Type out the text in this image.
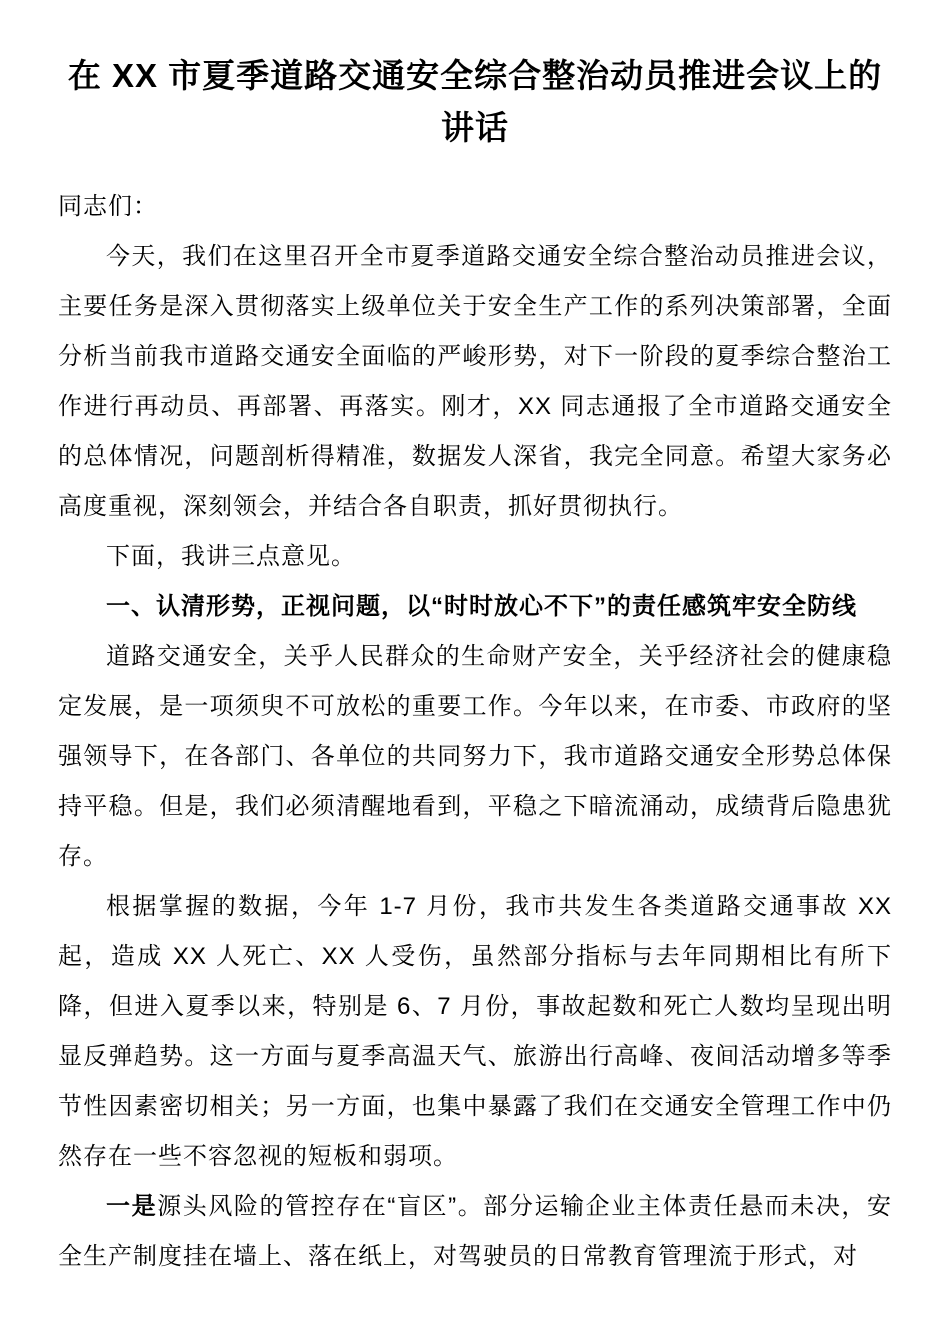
在 XX 市夏季道路交通安全综合整治动员推进会议上的讲话

同志们：

今天，我们在这里召开全市夏季道路交通安全综合整治动员推进会议，主要任务是深入贯彻落实上级单位关于安全生产工作的系列决策部署，全面分析当前我市道路交通安全面临的严峻形势，对下一阶段的夏季综合整治工作进行再动员、再部署、再落实。刚才，XX 同志通报了全市道路交通安全的总体情况，问题剖析得精准，数据发人深省，我完全同意。希望大家务必高度重视，深刻领会，并结合各自职责，抓好贯彻执行。

下面，我讲三点意见。

一、认清形势，正视问题，以“时时放心不下”的责任感筑牢安全防线

道路交通安全，关乎人民群众的生命财产安全，关乎经济社会的健康稳定发展，是一项须臾不可放松的重要工作。今年以来，在市委、市政府的坚强领导下，在各部门、各单位的共同努力下，我市道路交通安全形势总体保持平稳。但是，我们必须清醒地看到，平稳之下暗流涌动，成绩背后隐患犹存。

根据掌握的数据，今年 1-7 月份，我市共发生各类道路交通事故 XX 起，造成 XX 人死亡、XX 人受伤，虽然部分指标与去年同期相比有所下降，但进入夏季以来，特别是 6、7 月份，事故起数和死亡人数均呈现出明显反弹趋势。这一方面与夏季高温天气、旅游出行高峰、夜间活动增多等季节性因素密切相关；另一方面，也集中暴露了我们在交通安全管理工作中仍然存在一些不容忽视的短板和弱项。

一是源头风险的管控存在“盲区”。部分运输企业主体责任悬而未决，安全生产制度挂在墙上、落在纸上，对驾驶员的日常教育管理流于形式，对
